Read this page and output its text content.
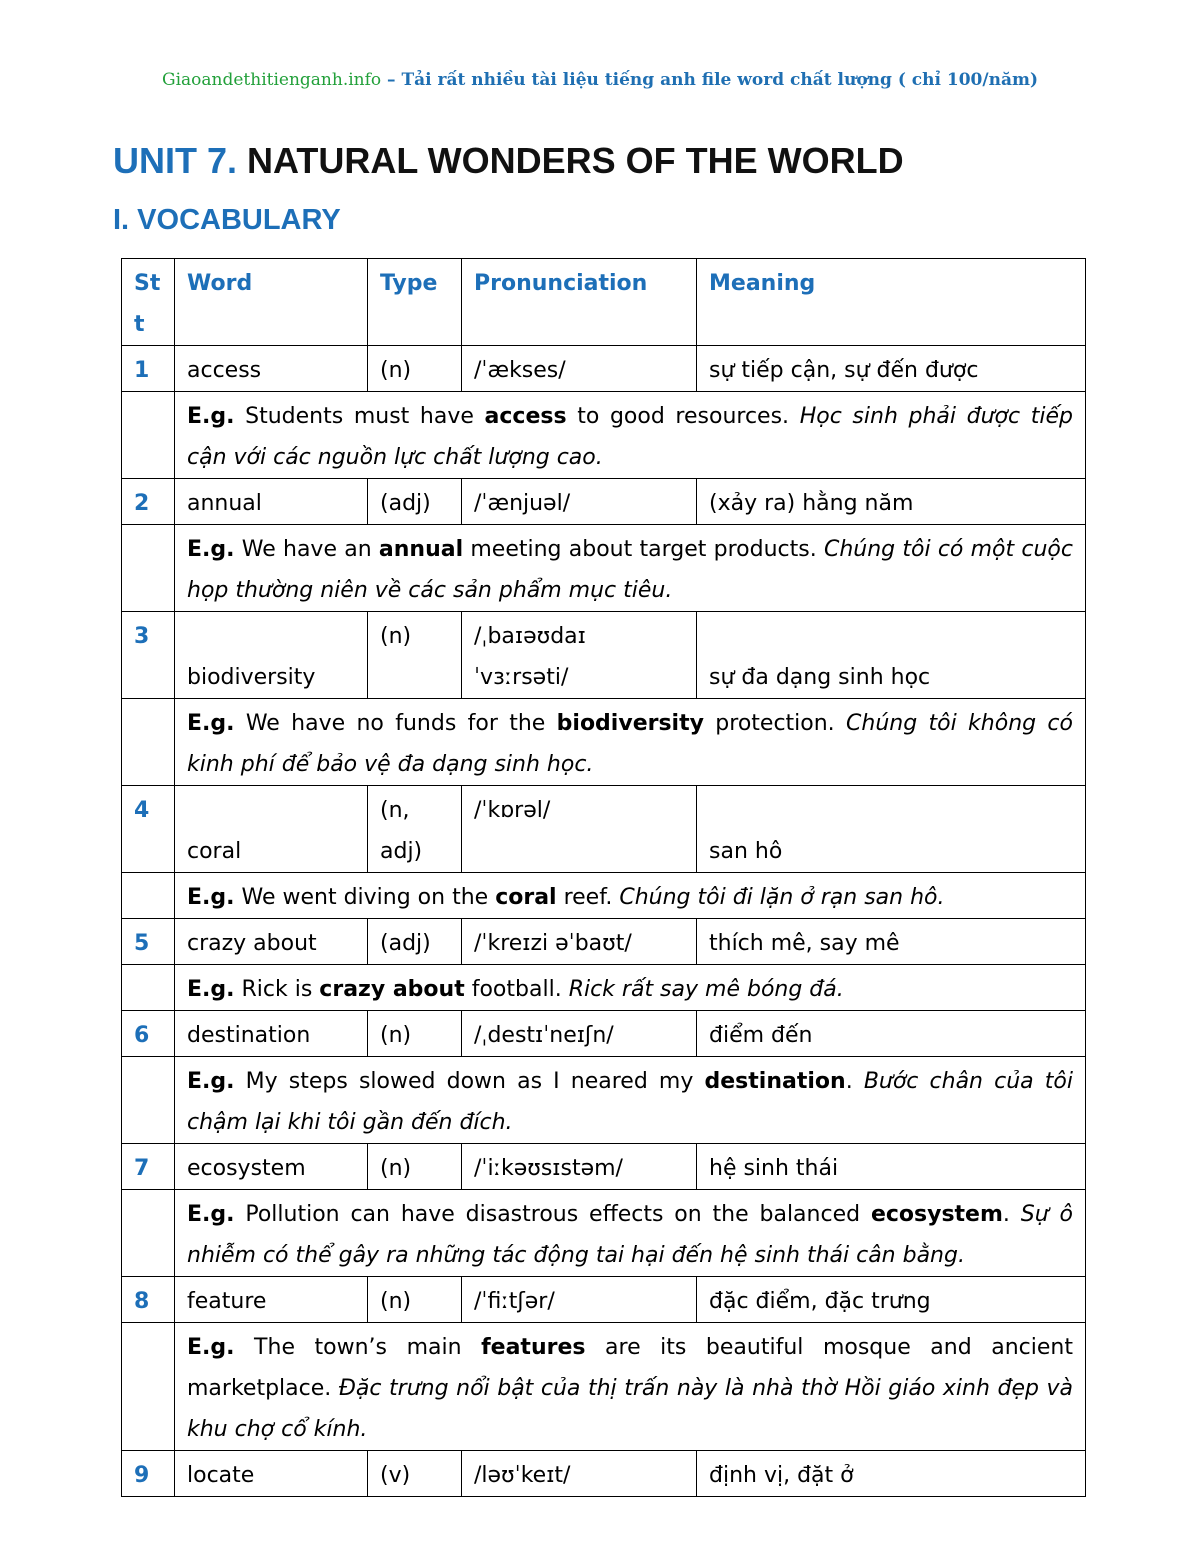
Giaoandethitienganh.info – Tải rất nhiều tài liệu tiếng anh file word chất lượng ( chỉ 100/năm)
UNIT 7. NATURAL WONDERS OF THE WORLD
I. VOCABULARY
Stt	Word	Type	Pronunciation	Meaning
1	access	(n)	/ˈækses/	sự tiếp cận, sự đến được
	E.g. Students must have access to good resources. Học sinh phải được tiếp cận với các nguồn lực chất lượng cao.			
2	annual	(adj)	/ˈænjuəl/	(xảy ra) hằng năm
	E.g. We have an annual meeting about target products. Chúng tôi có một cuộc họp thường niên về các sản phẩm mục tiêu.			
3	biodiversity	(n)	/ˌbaɪəʊdaɪ ˈvɜːrsəti/	sự đa dạng sinh học
	E.g. We have no funds for the biodiversity protection. Chúng tôi không có kinh phí để bảo vệ đa dạng sinh học.			
4	coral	(n, adj)	/ˈkɒrəl/	san hô
	E.g. We went diving on the coral reef. Chúng tôi đi lặn ở rạn san hô.			
5	crazy about	(adj)	/ˈkreɪzi əˈbaʊt/	thích mê, say mê
	E.g. Rick is crazy about football. Rick rất say mê bóng đá.			
6	destination	(n)	/ˌdestɪˈneɪʃn/	điểm đến
	E.g. My steps slowed down as I neared my destination. Bước chân của tôi chậm lại khi tôi gần đến đích.			
7	ecosystem	(n)	/ˈiːkəʊsɪstəm/	hệ sinh thái
	E.g. Pollution can have disastrous effects on the balanced ecosystem. Sự ô nhiễm có thể gây ra những tác động tai hại đến hệ sinh thái cân bằng.			
8	feature	(n)	/ˈfiːtʃər/	đặc điểm, đặc trưng
	E.g. The town’s main features are its beautiful mosque and ancient marketplace. Đặc trưng nổi bật của thị trấn này là nhà thờ Hồi giáo xinh đẹp và khu chợ cổ kính.			
9	locate	(v)	/ləʊˈkeɪt/	định vị, đặt ở
